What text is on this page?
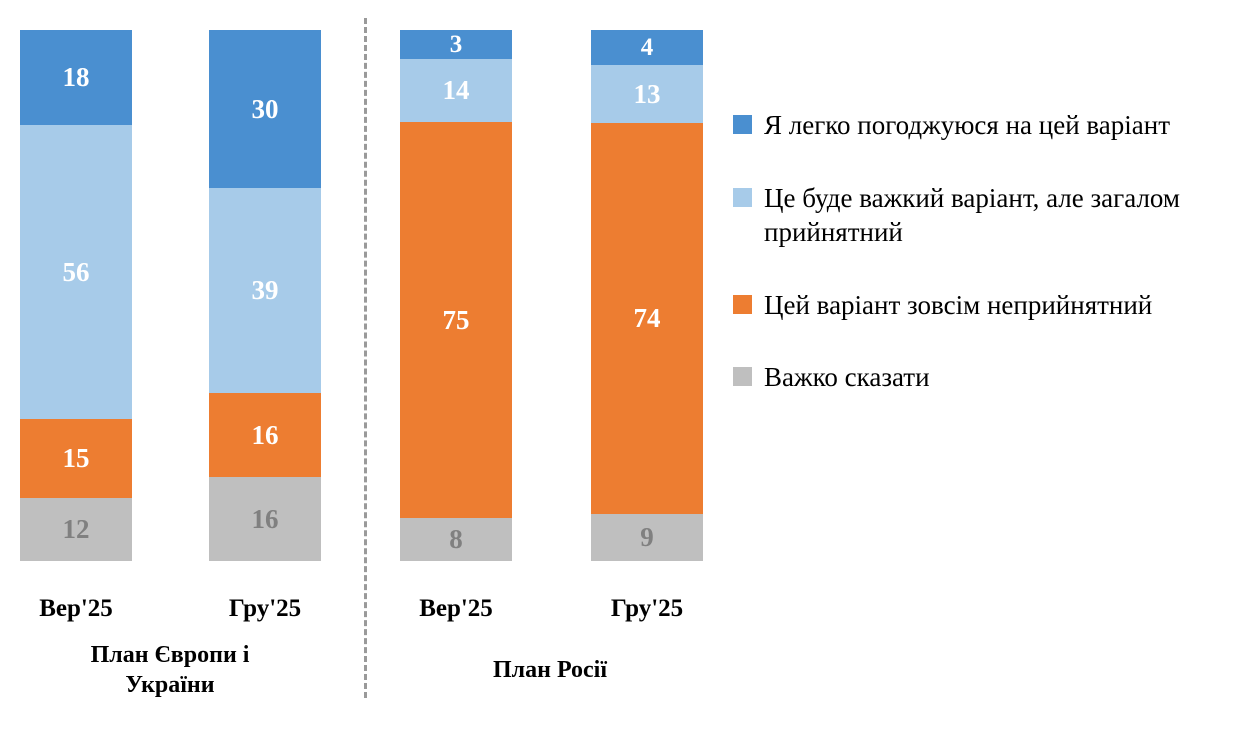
18
56
15
12
Вер'25
30
39
16
16
Гру'25
План Європи і України
3
14
75
8
Вер'25
4
13
74
9
Гру'25
План Росії
Я легко погоджуюся на цей варіант
Це буде важкий варіант, але загалом прийнятний
Цей варіант зовсім неприйнятний
Важко сказати
